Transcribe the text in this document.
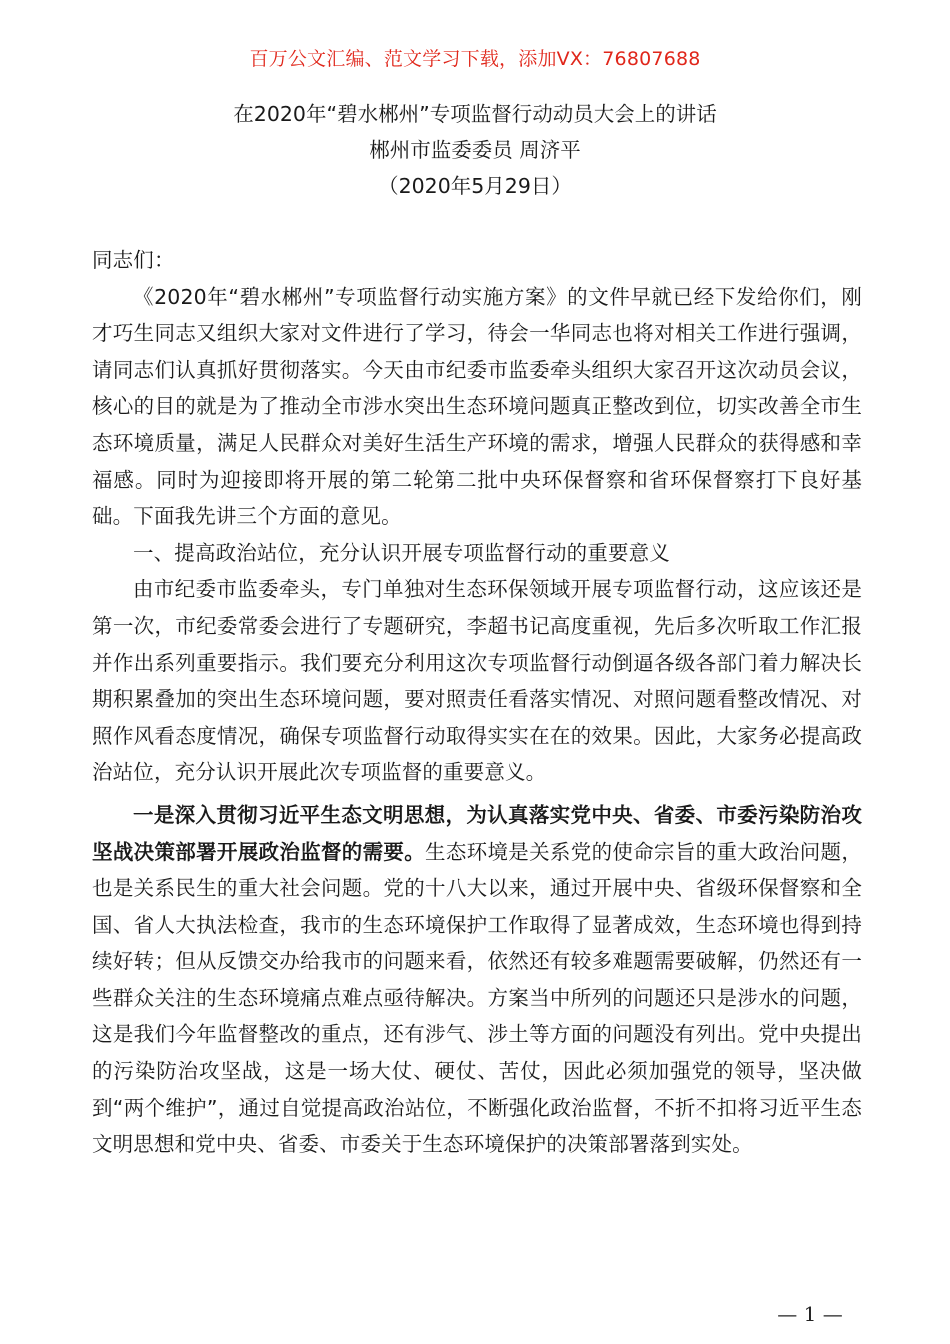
百万公文汇编、范文学习下载，添加VX：76807688
在2020年“碧水郴州”专项监督行动动员大会上的讲话
郴州市监委委员 周济平
（2020年5月29日）

同志们：

《2020年“碧水郴州”专项监督行动实施方案》的文件早就已经下发给你们，刚才巧生同志又组织大家对文件进行了学习，待会一华同志也将对相关工作进行强调，请同志们认真抓好贯彻落实。今天由市纪委市监委牵头组织大家召开这次动员会议，核心的目的就是为了推动全市涉水突出生态环境问题真正整改到位，切实改善全市生态环境质量，满足人民群众对美好生活生产环境的需求，增强人民群众的获得感和幸福感。同时为迎接即将开展的第二轮第二批中央环保督察和省环保督察打下良好基础。下面我先讲三个方面的意见。

一、提高政治站位，充分认识开展专项监督行动的重要意义

由市纪委市监委牵头，专门单独对生态环保领域开展专项监督行动，这应该还是第一次，市纪委常委会进行了专题研究，李超书记高度重视，先后多次听取工作汇报并作出系列重要指示。我们要充分利用这次专项监督行动倒逼各级各部门着力解决长期积累叠加的突出生态环境问题，要对照责任看落实情况、对照问题看整改情况、对照作风看态度情况，确保专项监督行动取得实实在在的效果。因此，大家务必提高政治站位，充分认识开展此次专项监督的重要意义。

一是深入贯彻习近平生态文明思想，为认真落实党中央、省委、市委污染防治攻坚战决策部署开展政治监督的需要。生态环境是关系党的使命宗旨的重大政治问题，也是关系民生的重大社会问题。党的十八大以来，通过开展中央、省级环保督察和全国、省人大执法检查，我市的生态环境保护工作取得了显著成效，生态环境也得到持续好转；但从反馈交办给我市的问题来看，依然还有较多难题需要破解，仍然还有一些群众关注的生态环境痛点难点亟待解决。方案当中所列的问题还只是涉水的问题，这是我们今年监督整改的重点，还有涉气、涉土等方面的问题没有列出。党中央提出的污染防治攻坚战，这是一场大仗、硬仗、苦仗，因此必须加强党的领导，坚决做到“两个维护”，通过自觉提高政治站位，不断强化政治监督，不折不扣将习近平生态文明思想和党中央、省委、市委关于生态环境保护的决策部署落到实处。

— 1 —
